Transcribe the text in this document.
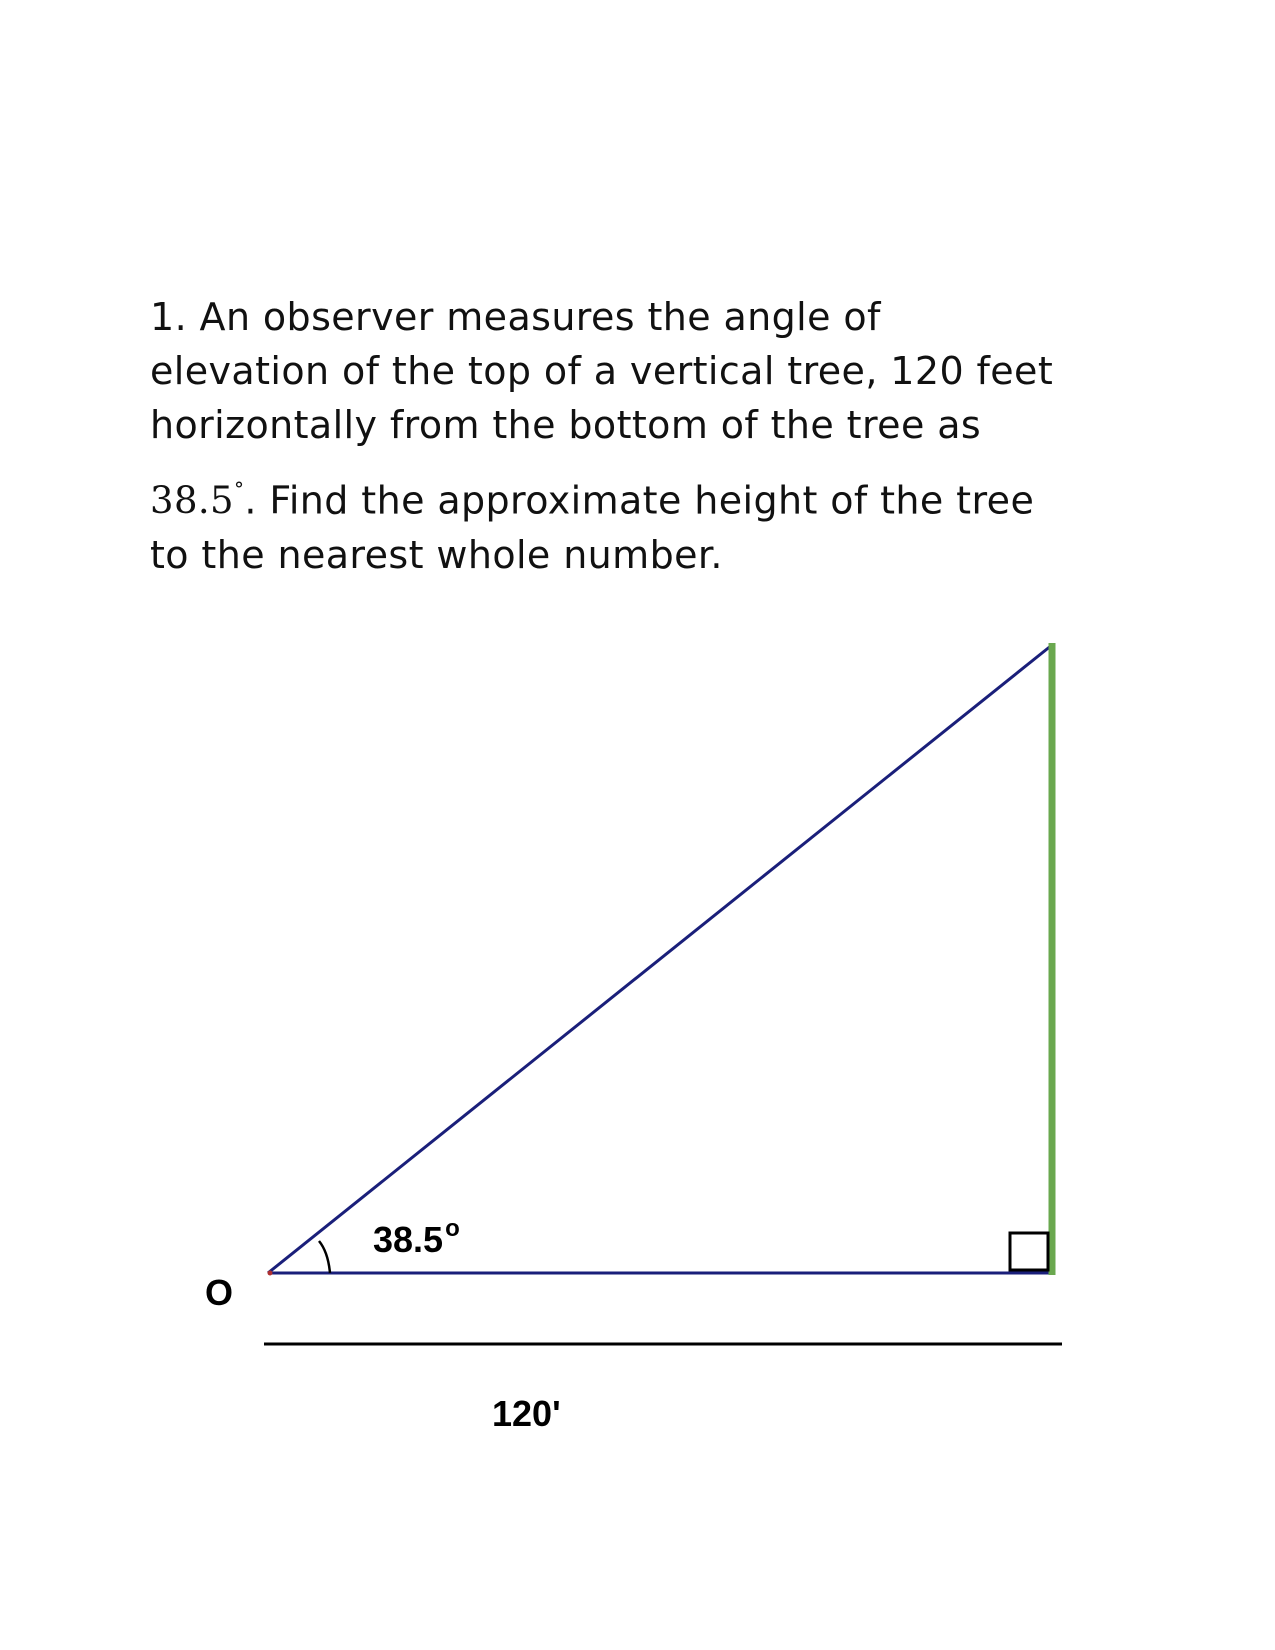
1. An observer measures the angle of

elevation of the top of a vertical tree, 120 feet

horizontally from the bottom of the tree as

38.5°. Find the approximate height of the tree

to the nearest whole number.

O
38.5$^o$
120'
